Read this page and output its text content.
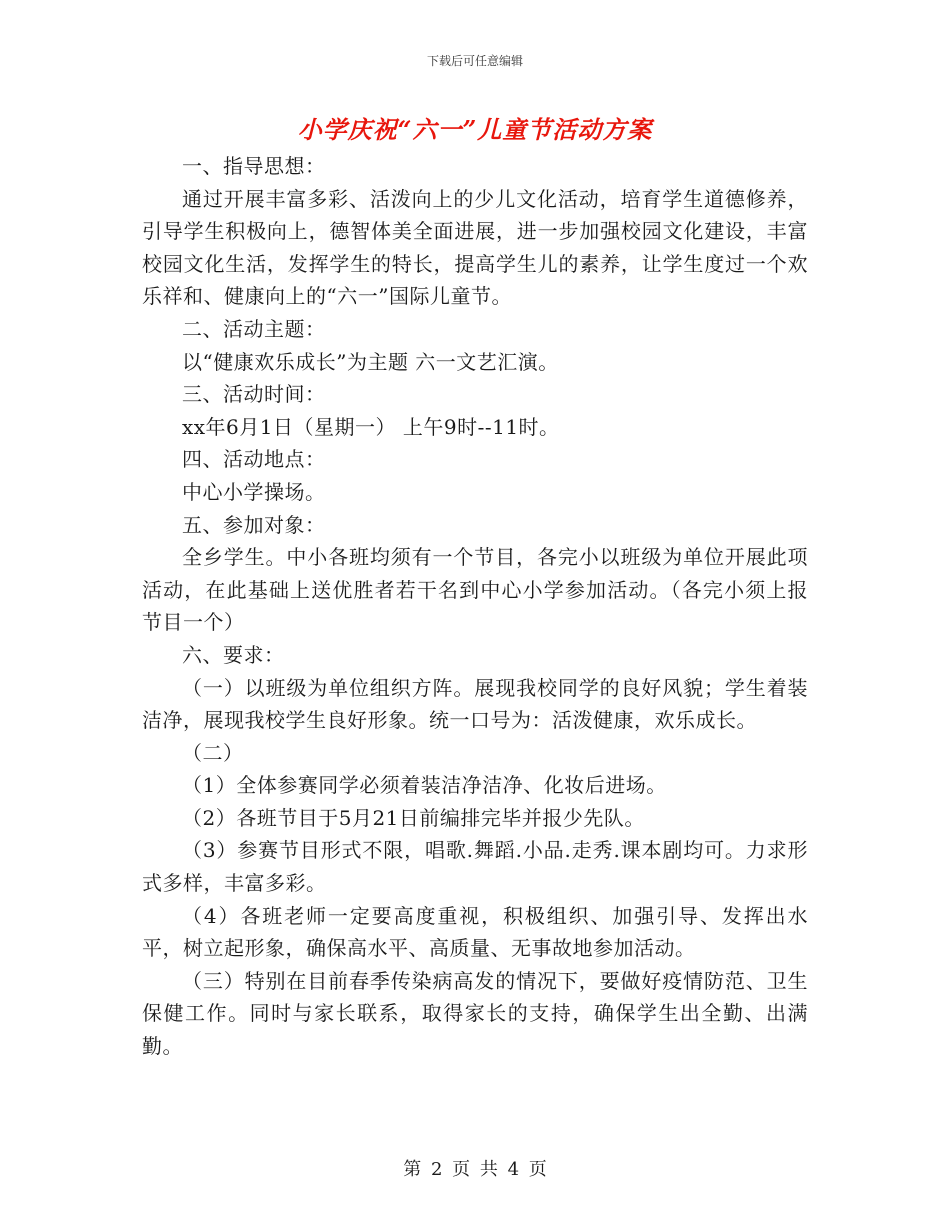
下载后可任意编辑
小学庆祝“六一”儿童节活动方案

一、指导思想：

通过开展丰富多彩、活泼向上的少儿文化活动，培育学生道德修养，引导学生积极向上，德智体美全面进展，进一步加强校园文化建设，丰富校园文化生活，发挥学生的特长，提高学生儿的素养，让学生度过一个欢乐祥和、健康向上的“六一”国际儿童节。

二、活动主题：

以“健康欢乐成长”为主题 六一文艺汇演。

三、活动时间：

xx年6月1日（星期一） 上午9时--11时。

四、活动地点：

中心小学操场。

五、参加对象：

全乡学生。中小各班均须有一个节目，各完小以班级为单位开展此项活动，在此基础上送优胜者若干名到中心小学参加活动。（各完小须上报节目一个）

六、要求：

（一）以班级为单位组织方阵。展现我校同学的良好风貌；学生着装洁净，展现我校学生良好形象。统一口号为：活泼健康，欢乐成长。

（二）

（1）全体参赛同学必须着装洁净洁净、化妆后进场。

（2）各班节目于5月21日前编排完毕并报少先队。

（3）参赛节目形式不限，唱歌.舞蹈.小品.走秀.课本剧均可。力求形式多样，丰富多彩。

（4）各班老师一定要高度重视，积极组织、加强引导、发挥出水平，树立起形象，确保高水平、高质量、无事故地参加活动。

（三）特别在目前春季传染病高发的情况下，要做好疫情防范、卫生保健工作。同时与家长联系，取得家长的支持，确保学生出全勤、出满勤。

第 2 页 共 4 页
